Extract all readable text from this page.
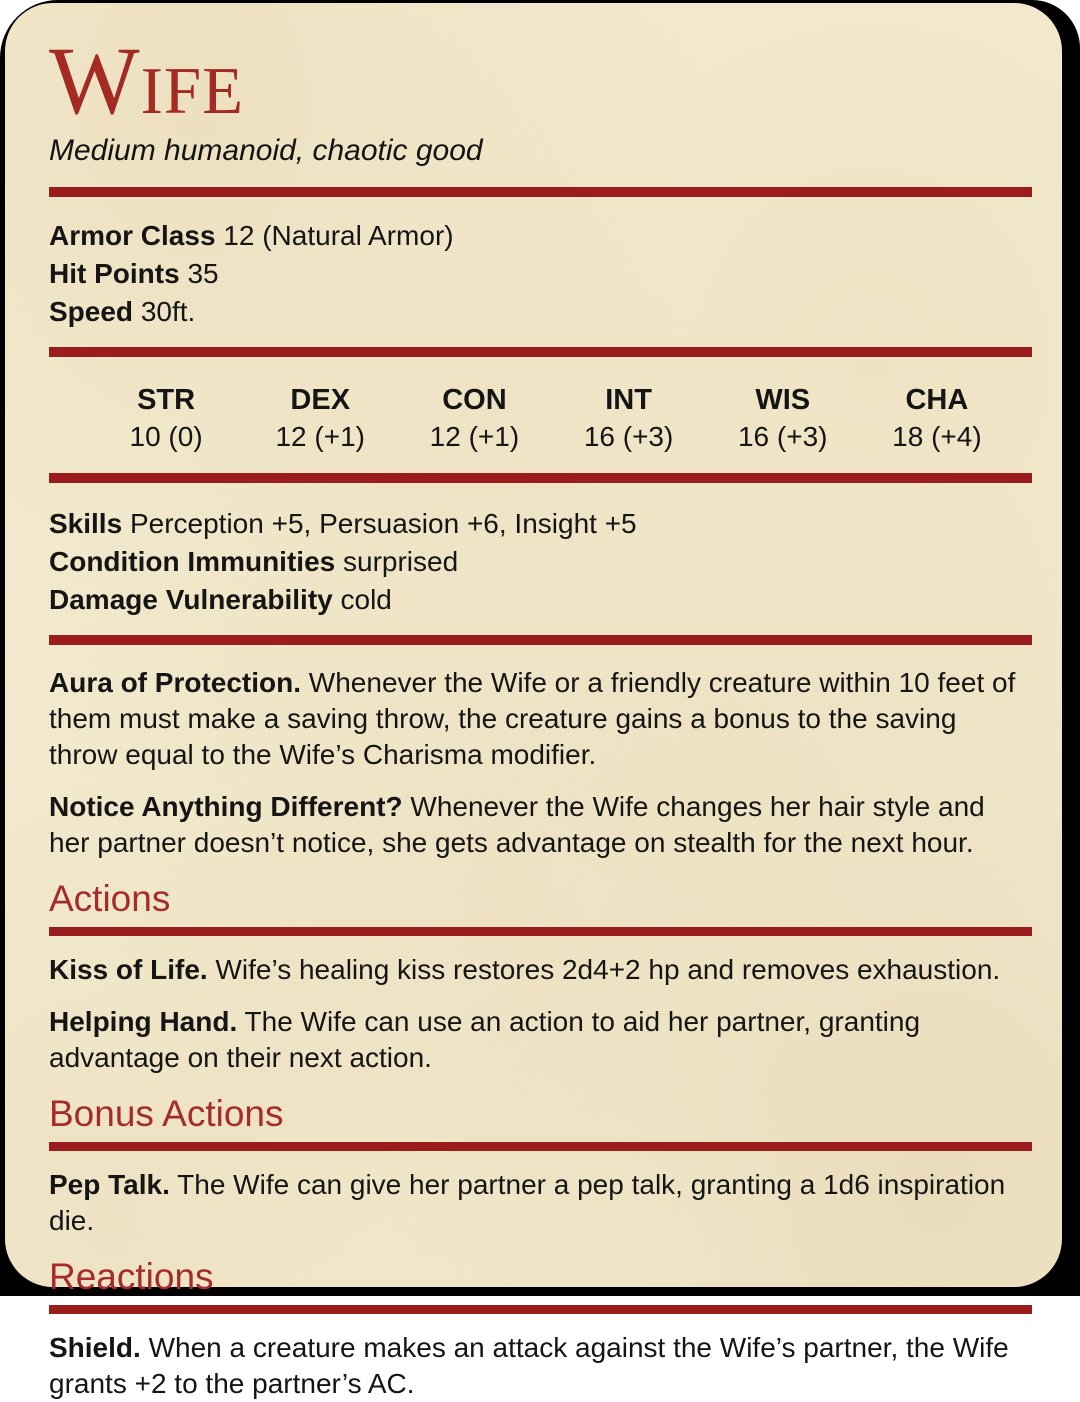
Wife
Medium humanoid, chaotic good
Armor Class 12 (Natural Armor)
Hit Points 35
Speed 30ft.
STR
10 (0)
DEX
12 (+1)
CON
12 (+1)
INT
16 (+3)
WIS
16 (+3)
CHA
18 (+4)
Skills Perception +5, Persuasion +6, Insight +5
Condition Immunities surprised
Damage Vulnerability cold

Aura of Protection. Whenever the Wife or a friendly creature within 10 feet of them must make a saving throw, the creature gains a bonus to the saving throw equal to the Wife’s Charisma modifier.

Notice Anything Different? Whenever the Wife changes her hair style and her partner doesn’t notice, she gets advantage on stealth for the next hour.

Actions

Kiss of Life. Wife’s healing kiss restores 2d4+2 hp and removes exhaustion.

Helping Hand. The Wife can use an action to aid her partner, granting advantage on their next action.

Bonus Actions

Pep Talk. The Wife can give her partner a pep talk, granting a 1d6 inspiration die.

Reactions

Shield. When a creature makes an attack against the Wife’s partner, the Wife grants +2 to the partner’s AC.
